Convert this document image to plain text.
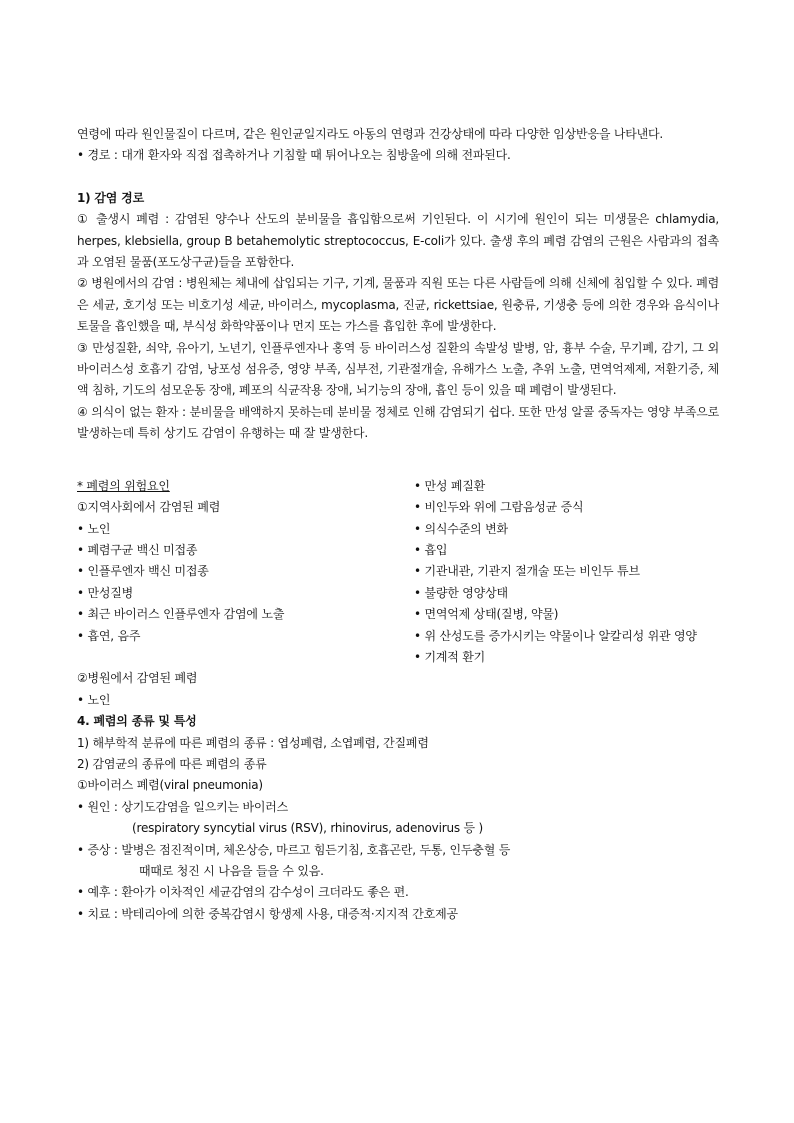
연령에 따라 원인물질이 다르며, 같은 원인균일지라도 아동의 연령과 건강상태에 따라 다양한 임상반응을 나타낸다.

• 경로 : 대개 환자와 직접 접촉하거나 기침할 때 튀어나오는 침방울에 의해 전파된다.

1) 감염 경로

① 출생시 폐렴 : 감염된 양수나 산도의 분비물을 흡입함으로써 기인된다. 이 시기에 원인이 되는 미생물은 chlamydia, herpes, klebsiella, group B betahemolytic streptococcus, E-coli가 있다. 출생 후의 폐렴 감염의 근원은 사람과의 접촉과 오염된 물품(포도상구균)들을 포함한다.

② 병원에서의 감염 : 병원체는 체내에 삽입되는 기구, 기계, 물품과 직원 또는 다른 사람들에 의해 신체에 침입할 수 있다. 폐렴은 세균, 호기성 또는 비호기성 세균, 바이러스, mycoplasma, 진균, rickettsiae, 원충류, 기생충 등에 의한 경우와 음식이나 토물을 흡인했을 때, 부식성 화학약품이나 먼지 또는 가스를 흡입한 후에 발생한다.

③ 만성질환, 쇠약, 유아기, 노년기, 인플루엔자나 홍역 등 바이러스성 질환의 속발성 발병, 암, 흉부 수술, 무기폐, 감기, 그 외 바이러스성 호흡기 감염, 낭포성 섬유증, 영양 부족, 심부전, 기관절개술, 유해가스 노출, 추위 노출, 면역억제제, 저환기증, 체액 침하, 기도의 섬모운동 장애, 폐포의 식균작용 장애, 뇌기능의 장애, 흡인 등이 있을 때 폐렴이 발생된다.

④ 의식이 없는 환자 : 분비물을 배액하지 못하는데 분비물 정체로 인해 감염되기 쉽다. 또한 만성 알콜 중독자는 영양 부족으로 발생하는데 특히 상기도 감염이 유행하는 때 잘 발생한다.

* 폐렴의 위험요인

①지역사회에서 감염된 폐렴

• 노인

• 폐렴구균 백신 미접종

• 인플루엔자 백신 미접종

• 만성질병

• 최근 바이러스 인플루엔자 감염에 노출

• 흡연, 음주

②병원에서 감염된 폐렴

• 노인

• 만성 폐질환

• 비인두와 위에 그람음성균 증식

• 의식수준의 변화

• 흡입

• 기관내관, 기관지 절개술 또는 비인두 튜브

• 불량한 영양상태

• 면역억제 상태(질병, 약물)

• 위 산성도를 증가시키는 약물이나 알칼리성 위관 영양

• 기계적 환기

4. 폐렴의 종류 및 특성

1) 해부학적 분류에 따른 폐렴의 종류 : 엽성폐렴, 소엽폐렴, 간질폐렴

2) 감염균의 종류에 따른 폐렴의 종류

①바이러스 폐렴(viral pneumonia)

• 원인 : 상기도감염을 일으키는 바이러스

(respiratory syncytial virus (RSV), rhinovirus, adenovirus 등 )

• 증상 : 발병은 점진적이며, 체온상승, 마르고 힘든기침, 호흡곤란, 두통, 인두충혈 등

때때로 청진 시 나음을 들을 수 있음.

• 예후 : 환아가 이차적인 세균감염의 감수성이 크더라도 좋은 편.

• 치료 : 박테리아에 의한 중복감염시 항생제 사용, 대증적·지지적 간호제공
